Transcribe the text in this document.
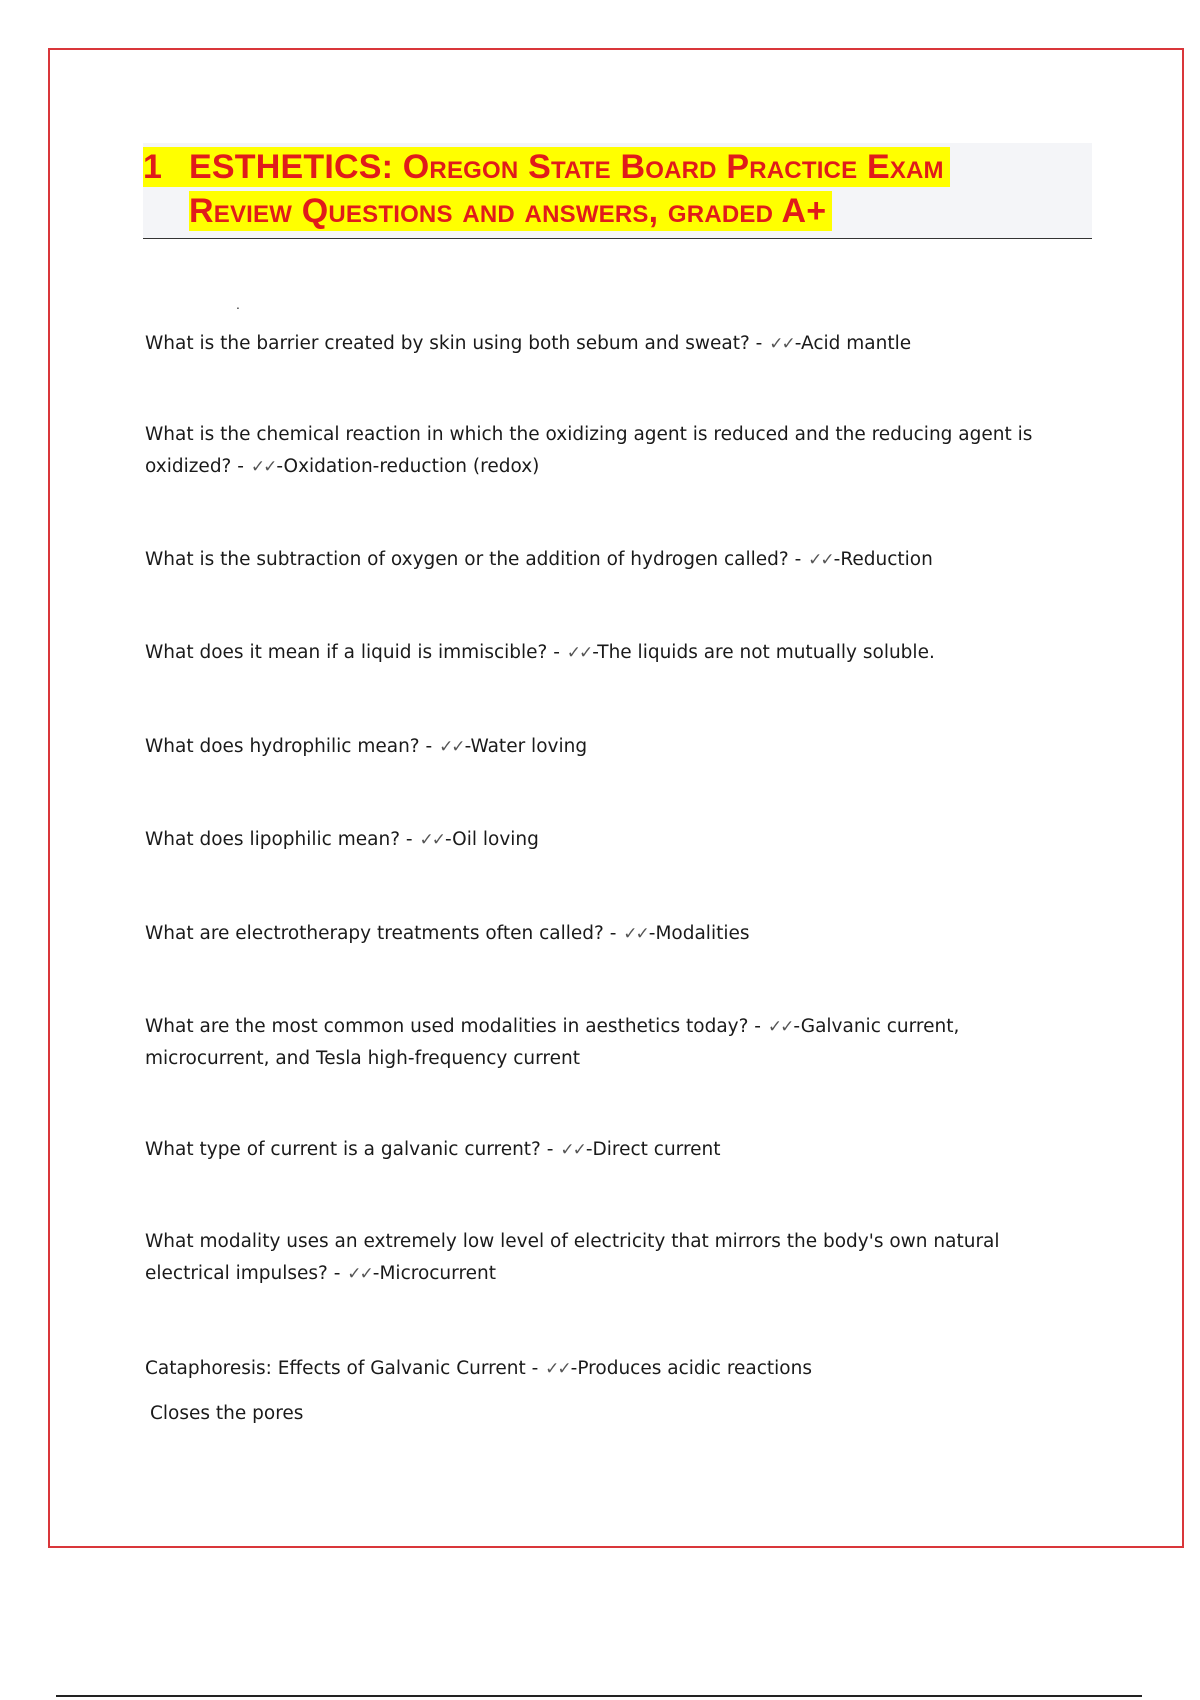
1 ESTHETICS: Oregon State Board Practice Exam
Review Questions and answers, graded A+
.
What is the barrier created by skin using both sebum and sweat? - ✓✓-Acid mantle
What is the chemical reaction in which the oxidizing agent is reduced and the reducing agent is oxidized? - ✓✓-Oxidation-reduction (redox)
What is the subtraction of oxygen or the addition of hydrogen called? - ✓✓-Reduction
What does it mean if a liquid is immiscible? - ✓✓-The liquids are not mutually soluble.
What does hydrophilic mean? - ✓✓-Water loving
What does lipophilic mean? - ✓✓-Oil loving
What are electrotherapy treatments often called? - ✓✓-Modalities
What are the most common used modalities in aesthetics today? - ✓✓-Galvanic current, microcurrent, and Tesla high-frequency current
What type of current is a galvanic current? - ✓✓-Direct current
What modality uses an extremely low level of electricity that mirrors the body's own natural electrical impulses? - ✓✓-Microcurrent
Cataphoresis: Effects of Galvanic Current - ✓✓-Produces acidic reactions
Closes the pores
